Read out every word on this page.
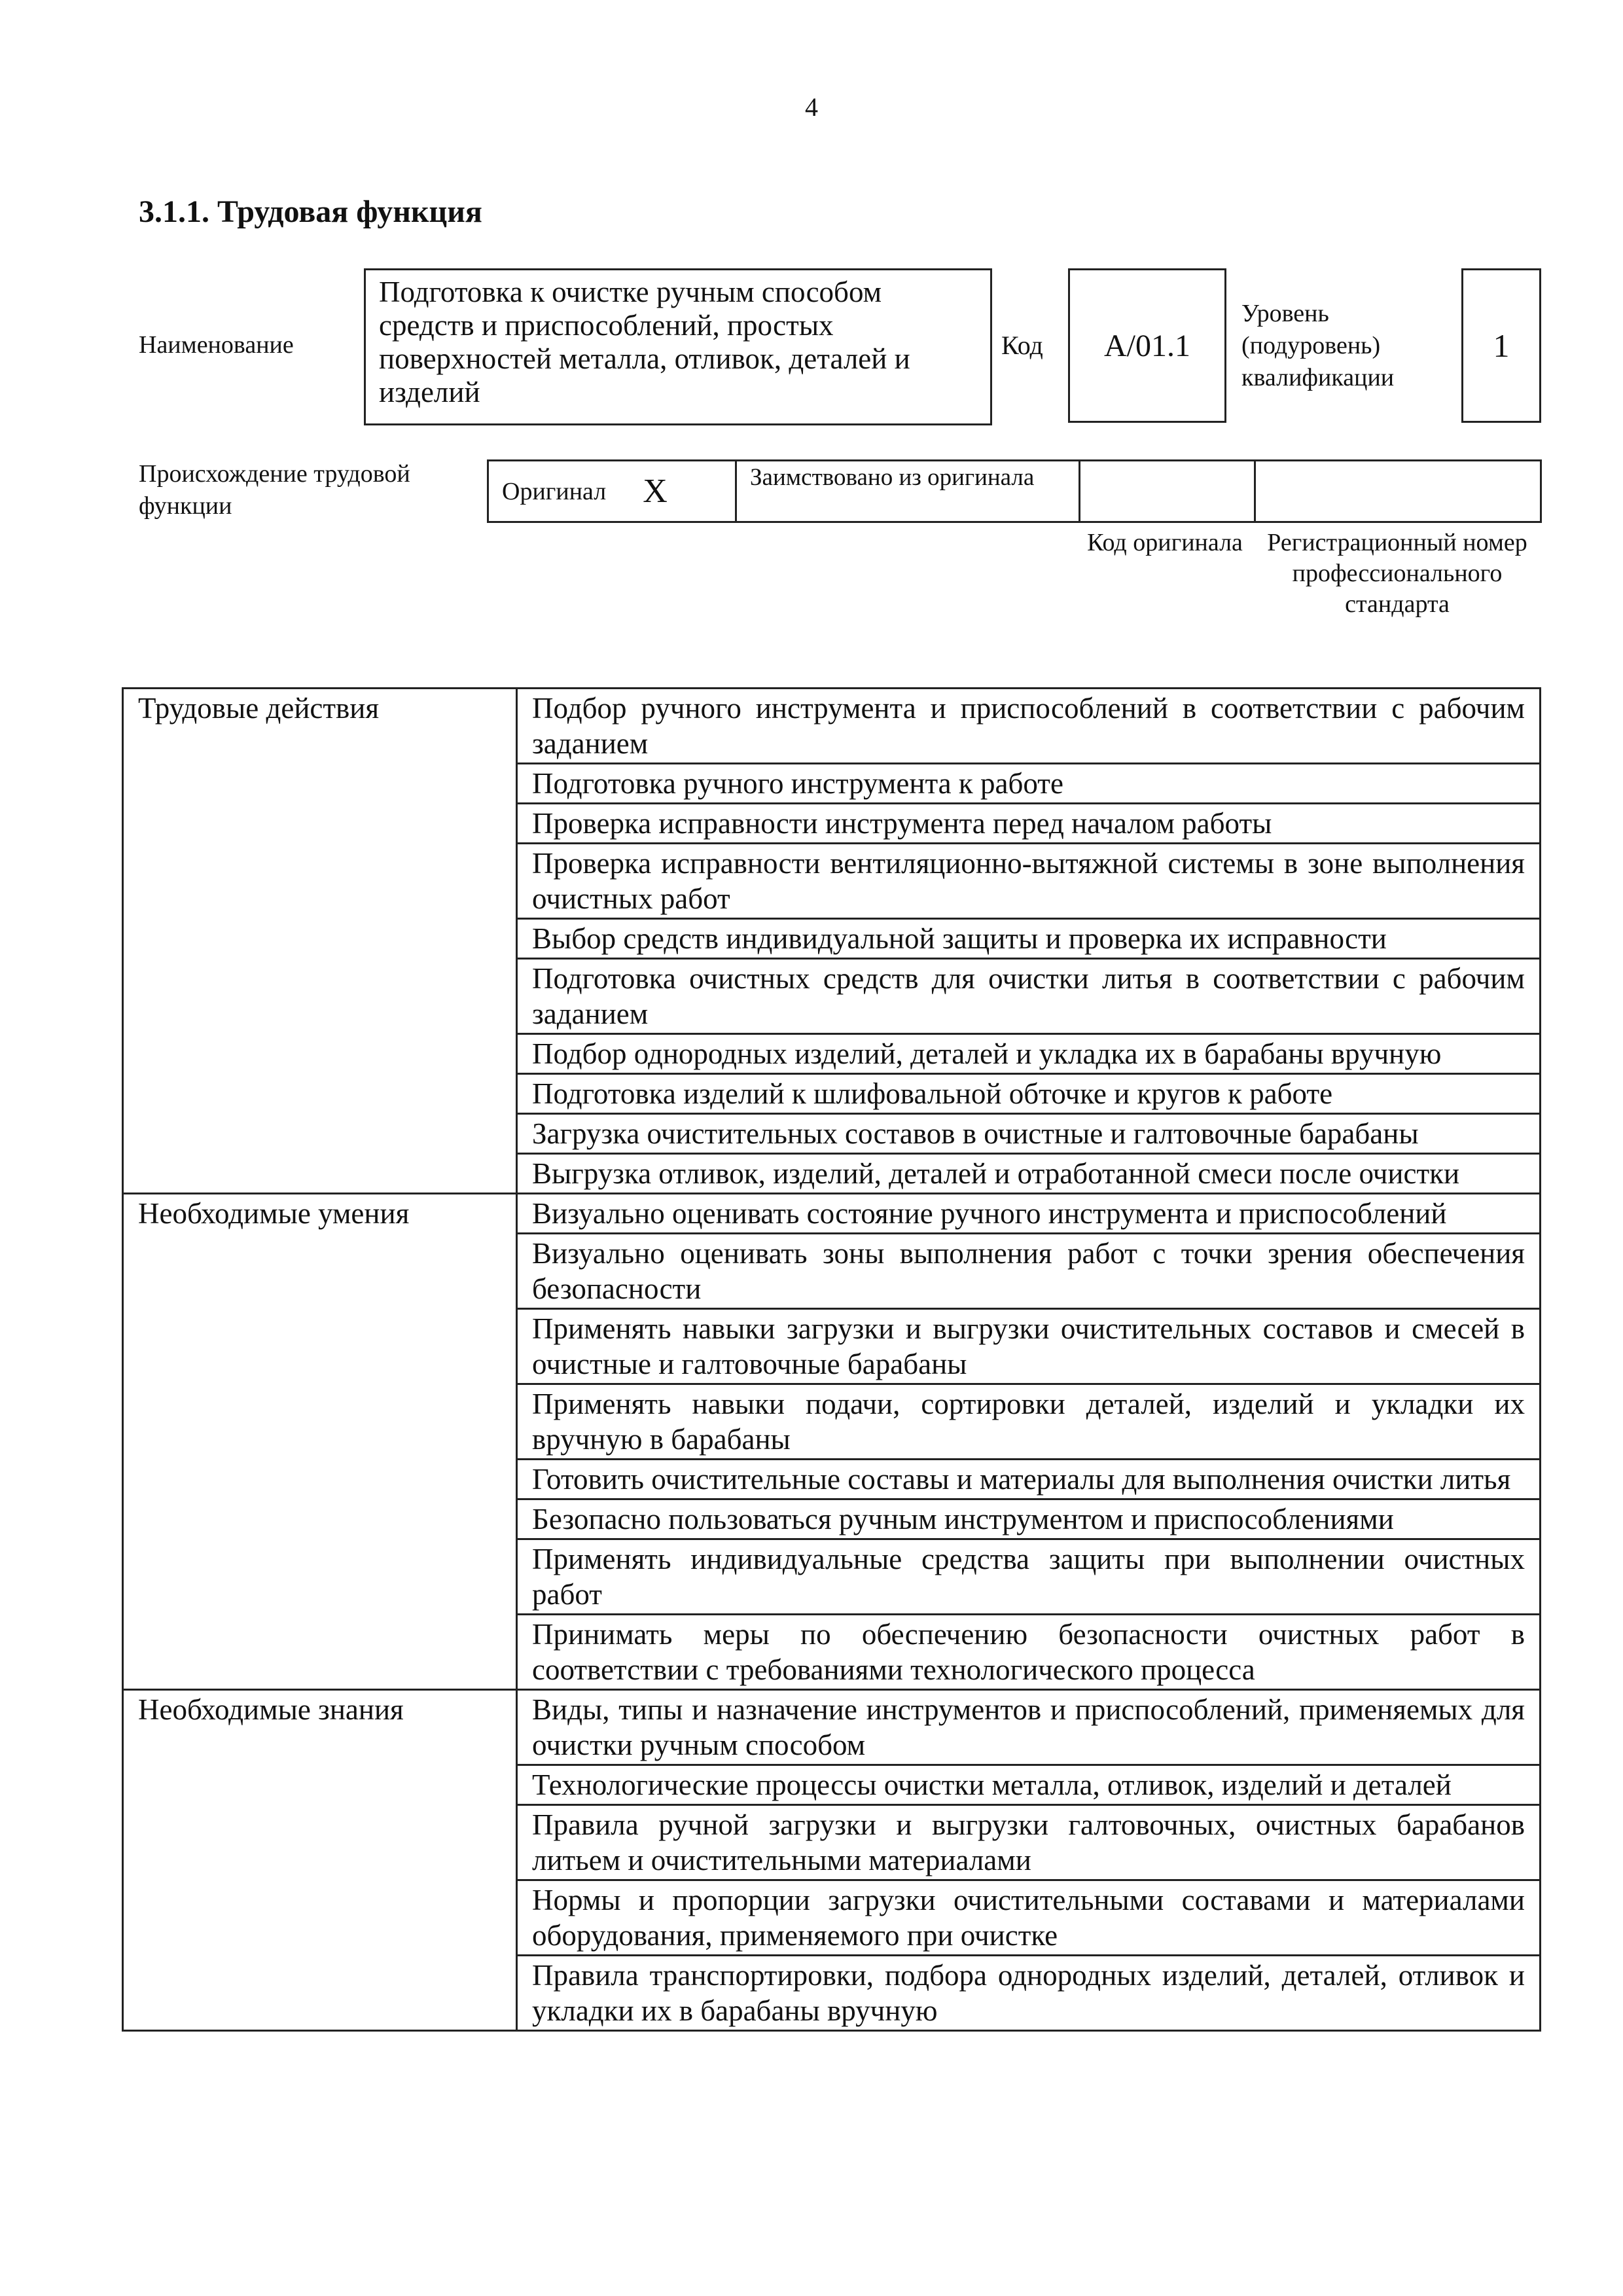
4
3.1.1. Трудовая функция
Наименование
Подготовка к очистке ручным способом средств и приспособлений, простых поверхностей металла, отливок, деталей и изделий
Код A/01.1
Уровень (подуровень) квалификации
1
Происхождение трудовой функции
Оригинал X	Заимствовано из оригинала
Код оригинала Регистрационный номер профессионального стандарта
Трудовые действия	Подбор ручного инструмента и приспособлений в соответствии с рабочим заданием
	Подготовка ручного инструмента к работе
	Проверка исправности инструмента перед началом работы
	Проверка исправности вентиляционно-вытяжной системы в зоне выполнения очистных работ
	Выбор средств индивидуальной защиты и проверка их исправности
	Подготовка очистных средств для очистки литья в соответствии с рабочим заданием
	Подбор однородных изделий, деталей и укладка их в барабаны вручную
	Подготовка изделий к шлифовальной обточке и кругов к работе
	Загрузка очистительных составов в очистные и галтовочные барабаны
	Выгрузка отливок, изделий, деталей и отработанной смеси после очистки
Необходимые умения	Визуально оценивать состояние ручного инструмента и приспособлений
	Визуально оценивать зоны выполнения работ с точки зрения обеспечения безопасности
	Применять навыки загрузки и выгрузки очистительных составов и смесей в очистные и галтовочные барабаны
	Применять навыки подачи, сортировки деталей, изделий и укладки их вручную в барабаны
	Готовить очистительные составы и материалы для выполнения очистки литья
	Безопасно пользоваться ручным инструментом и приспособлениями
	Применять индивидуальные средства защиты при выполнении очистных работ
	Принимать меры по обеспечению безопасности очистных работ в соответствии с требованиями технологического процесса
Необходимые знания	Виды, типы и назначение инструментов и приспособлений, применяемых для очистки ручным способом
	Технологические процессы очистки металла, отливок, изделий и деталей
	Правила ручной загрузки и выгрузки галтовочных, очистных барабанов литьем и очистительными материалами
	Нормы и пропорции загрузки очистительными составами и материалами оборудования, применяемого при очистке
	Правила транспортировки, подбора однородных изделий, деталей, отливок и укладки их в барабаны вручную
